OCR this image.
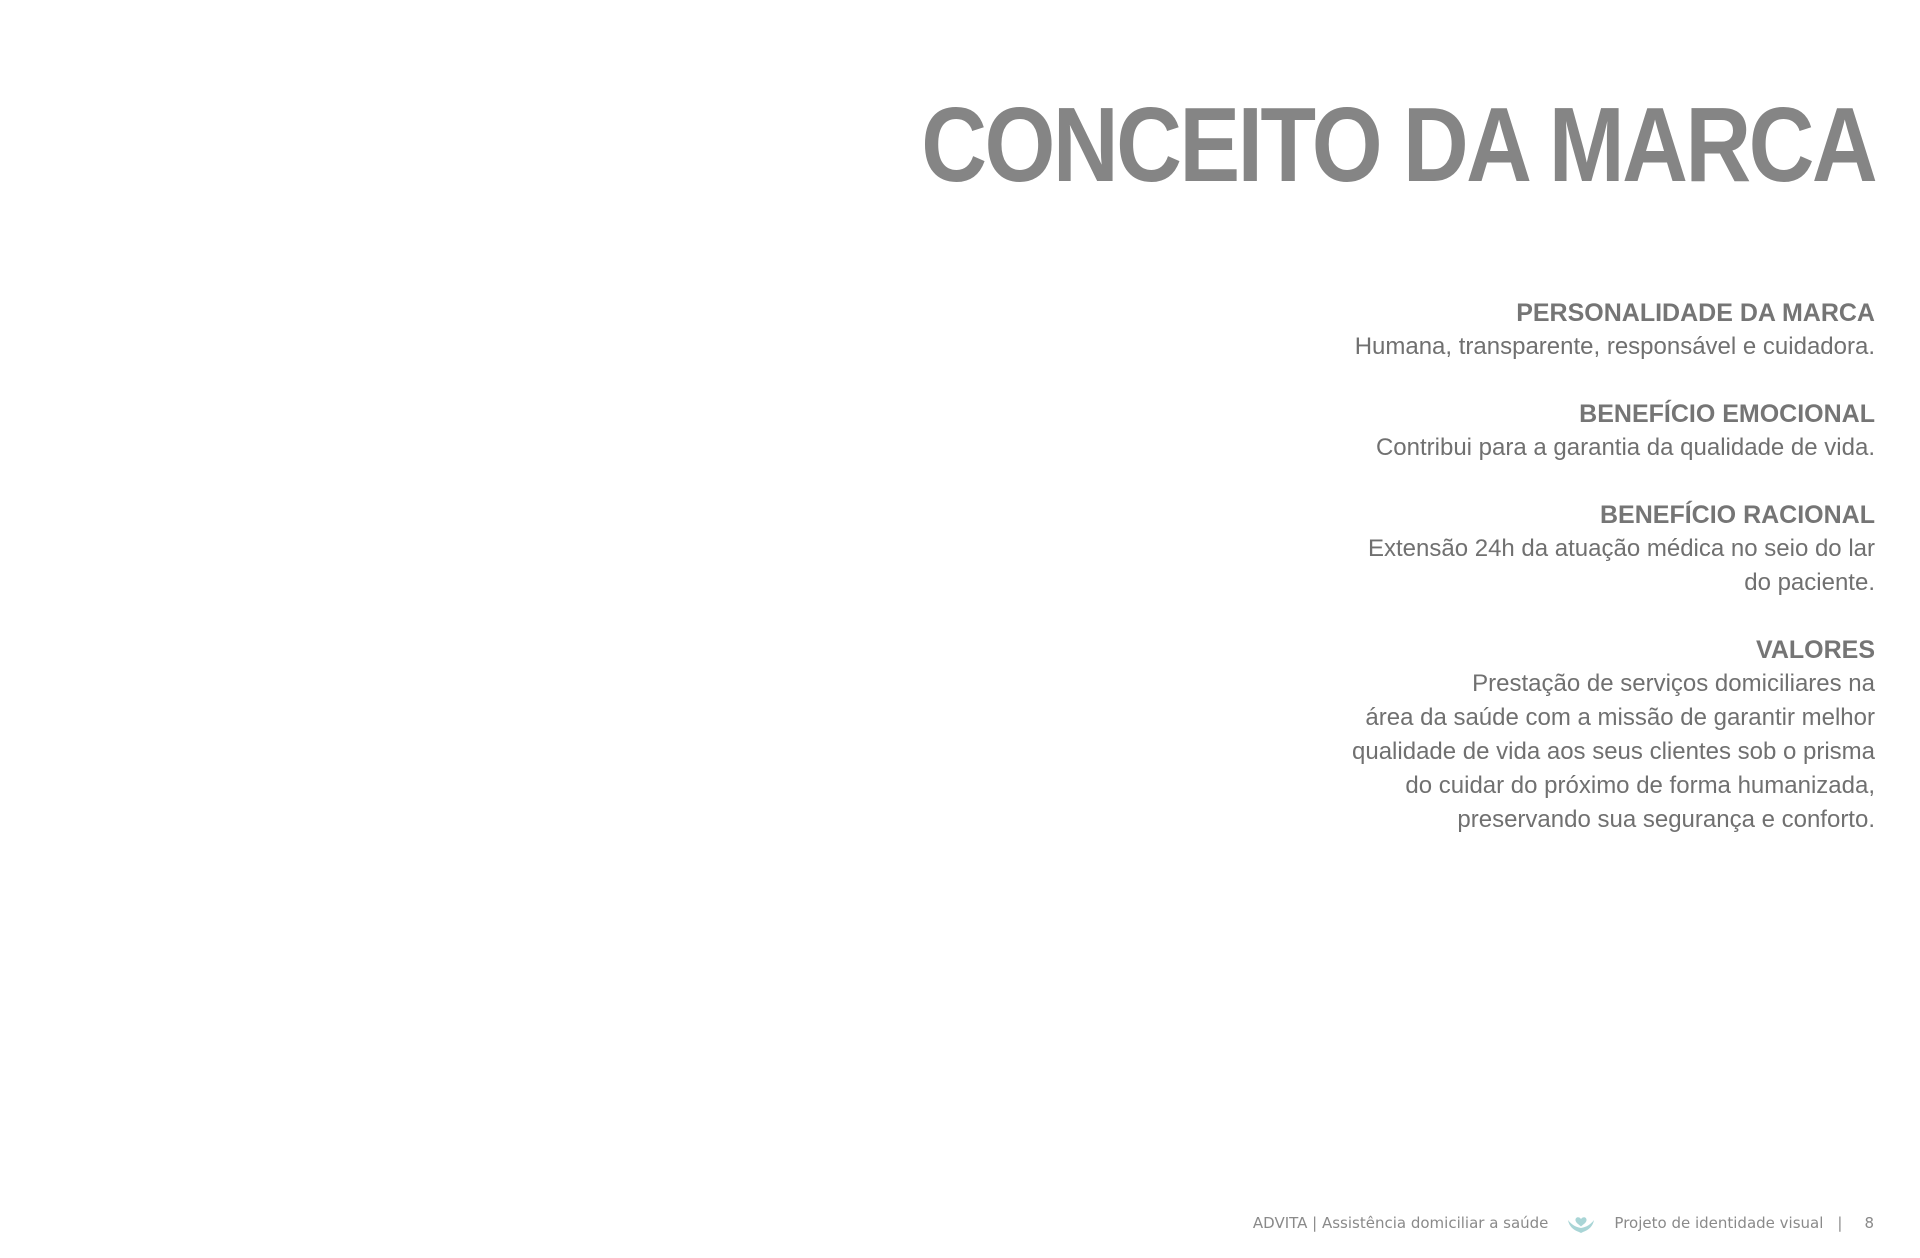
CONCEITO DA MARCA

PERSONALIDADE DA MARCA

Humana, transparente, responsável e cuidadora.

BENEFÍCIO EMOCIONAL

Contribui para a garantia da qualidade de vida.

BENEFÍCIO RACIONAL

Extensão 24h da atuação médica no seio do lar
do paciente.

VALORES

Prestação de serviços domiciliares na
área da saúde com a missão de garantir melhor
qualidade de vida aos seus clientes sob o prisma
do cuidar do próximo de forma humanizada,
preservando sua segurança e conforto.

ADVITA | Assistência domiciliar a saúde	Projeto de identidade visual | 8
